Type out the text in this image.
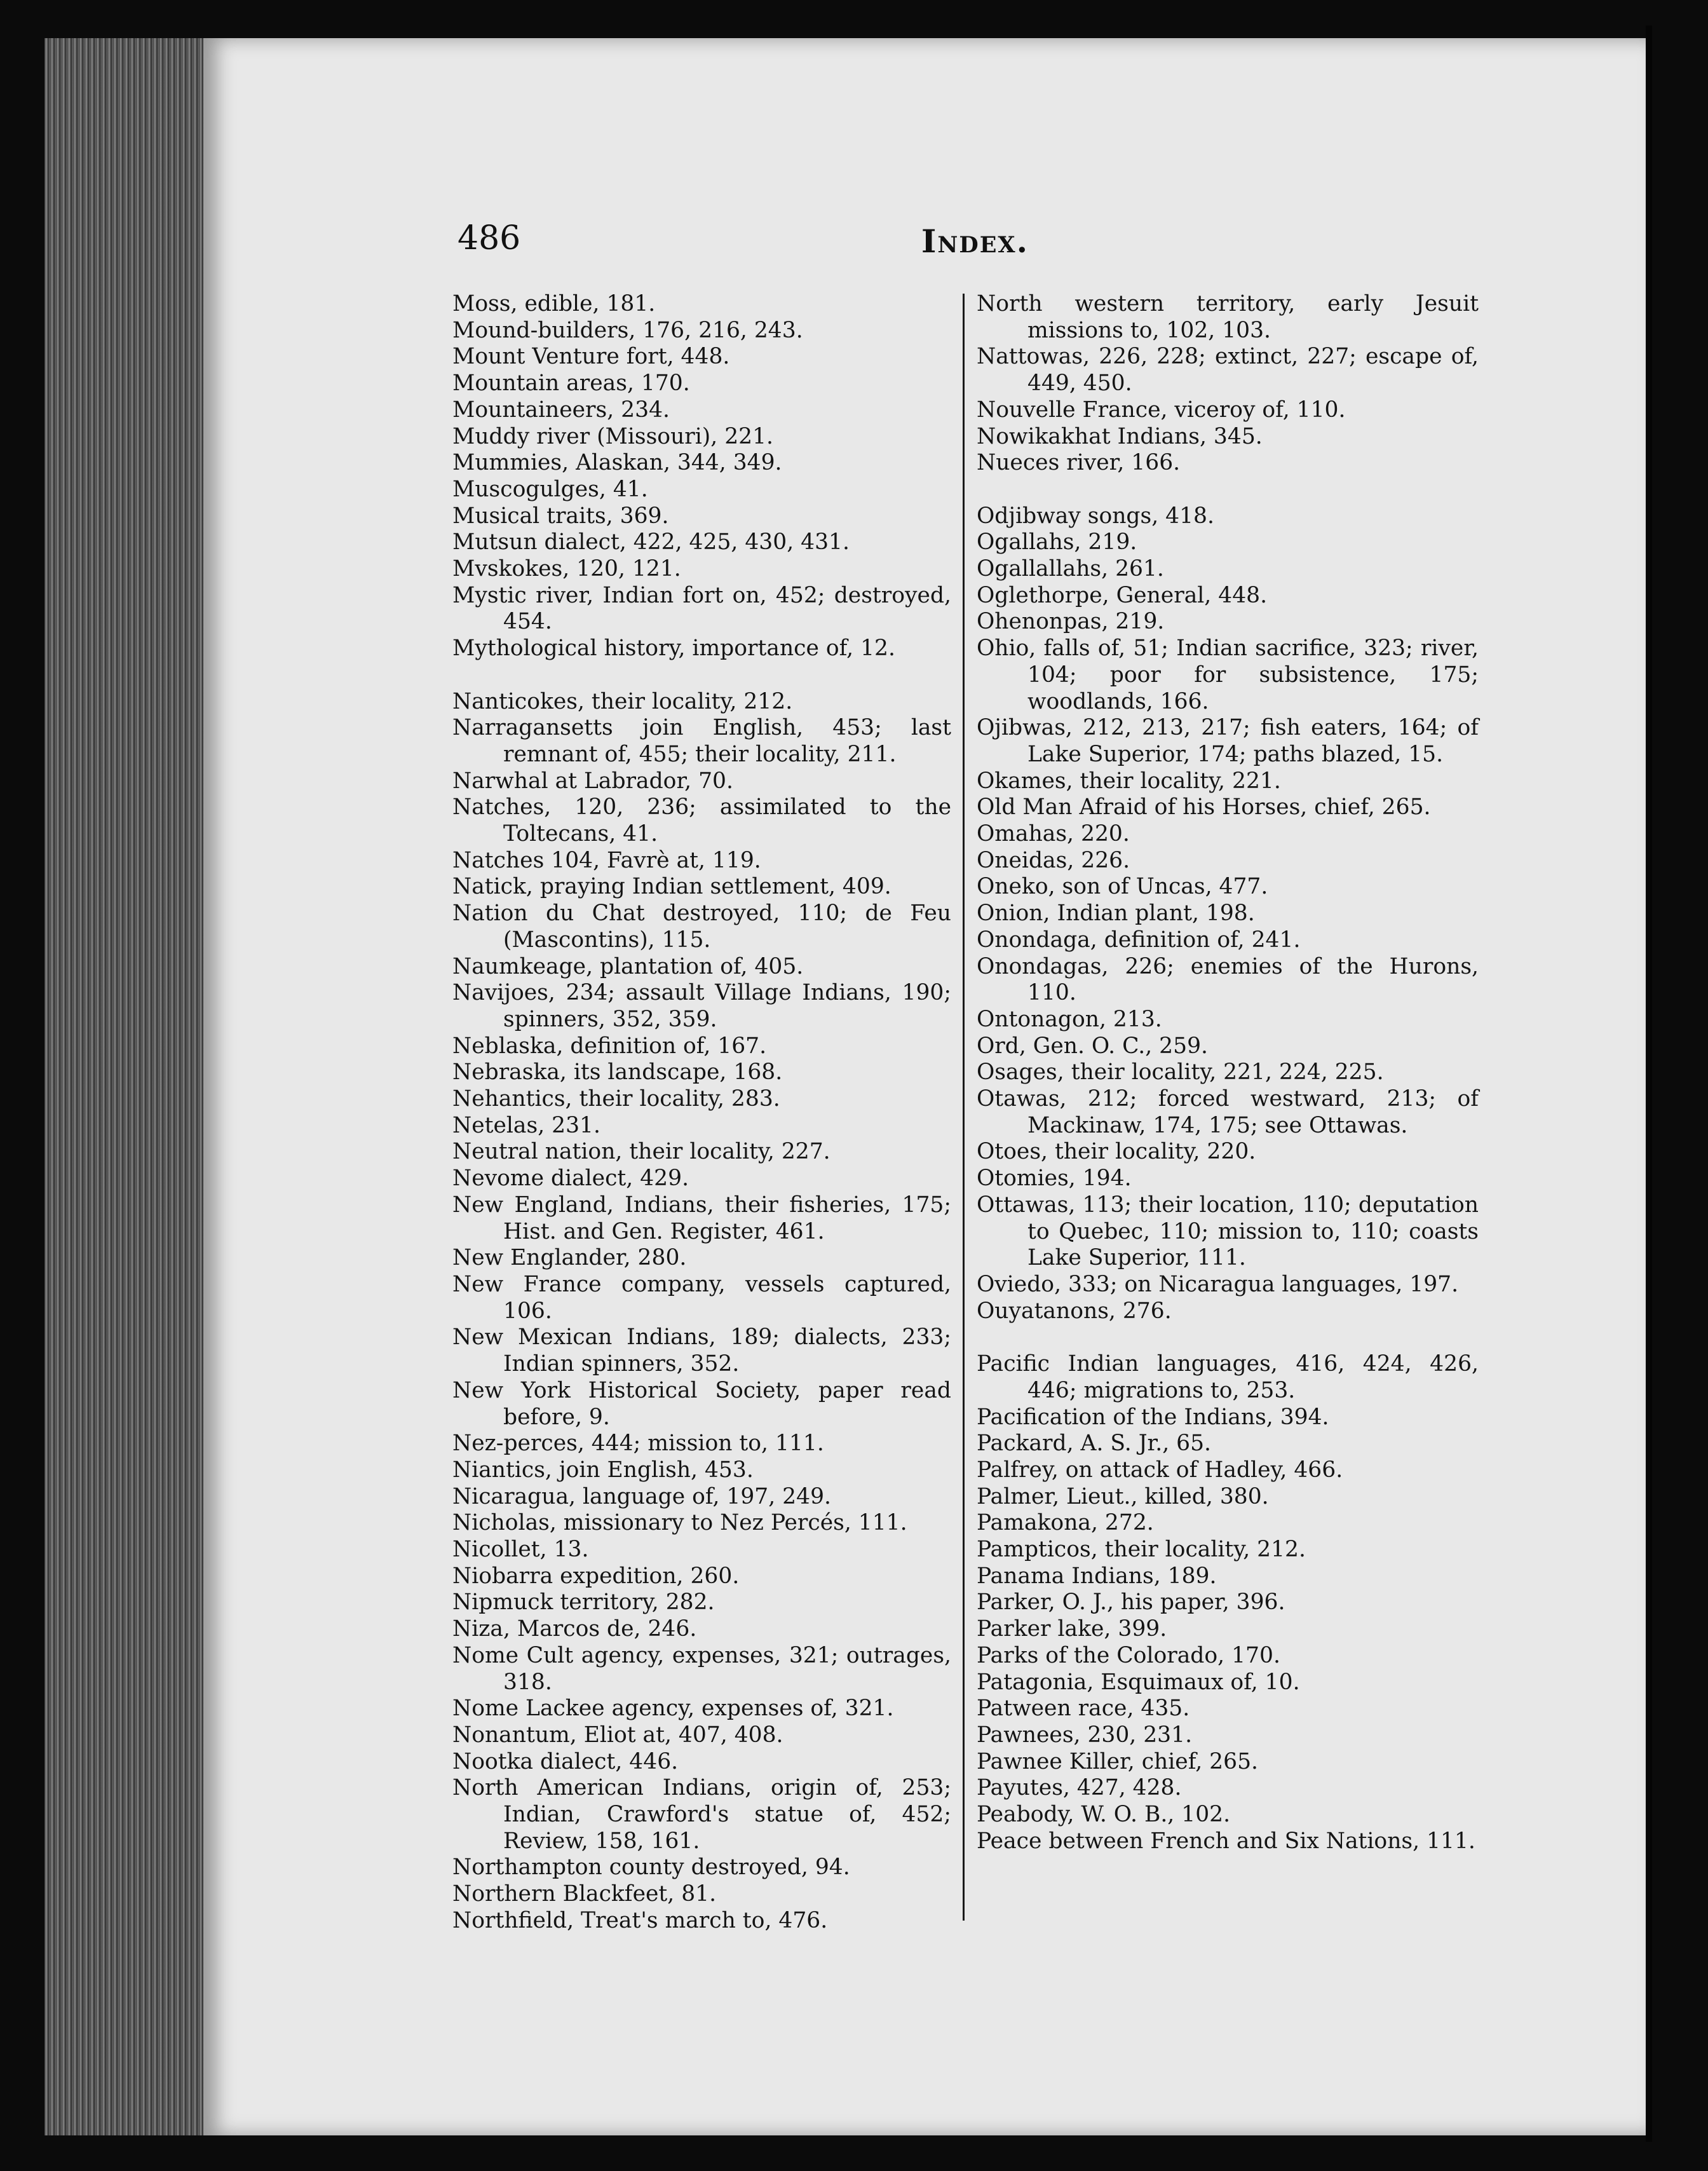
486	Index.

Moss, edible, 181.

Mound-builders, 176, 216, 243.

Mount Venture fort, 448.

Mountain areas, 170.

Mountaineers, 234.

Muddy river (Missouri), 221.

Mummies, Alaskan, 344, 349.

Muscogulges, 41.

Musical traits, 369.

Mutsun dialect, 422, 425, 430, 431.

Mvskokes, 120, 121.

Mystic river, Indian fort on, 452; destroyed, 454.

Mythological history, importance of, 12.

Nanticokes, their locality, 212.

Narragansetts join English, 453; last remnant of, 455; their locality, 211.

Narwhal at Labrador, 70.

Natches, 120, 236; assimilated to the Toltecans, 41.

Natches 104, Favrè at, 119.

Natick, praying Indian settlement, 409.

Nation du Chat destroyed, 110; de Feu (Mascontins), 115.

Naumkeage, plantation of, 405.

Navijoes, 234; assault Village Indians, 190; spinners, 352, 359.

Neblaska, definition of, 167.

Nebraska, its landscape, 168.

Nehantics, their locality, 283.

Netelas, 231.

Neutral nation, their locality, 227.

Nevome dialect, 429.

New England, Indians, their fisheries, 175; Hist. and Gen. Register, 461.

New Englander, 280.

New France company, vessels captured, 106.

New Mexican Indians, 189; dialects, 233; Indian spinners, 352.

New York Historical Society, paper read before, 9.

Nez-perces, 444; mission to, 111.

Niantics, join English, 453.

Nicaragua, language of, 197, 249.

Nicholas, missionary to Nez Percés, 111.

Nicollet, 13.

Niobarra expedition, 260.

Nipmuck territory, 282.

Niza, Marcos de, 246.

Nome Cult agency, expenses, 321; outrages, 318.

Nome Lackee agency, expenses of, 321.

Nonantum, Eliot at, 407, 408.

Nootka dialect, 446.

North American Indians, origin of, 253; Indian, Crawford's statue of, 452; Review, 158, 161.

Northampton county destroyed, 94.

Northern Blackfeet, 81.

Northfield, Treat's march to, 476.

North western territory, early Jesuit missions to, 102, 103.

Nattowas, 226, 228; extinct, 227; escape of, 449, 450.

Nouvelle France, viceroy of, 110.

Nowikakhat Indians, 345.

Nueces river, 166.

Odjibway songs, 418.

Ogallahs, 219.

Ogallallahs, 261.

Oglethorpe, General, 448.

Ohenonpas, 219.

Ohio, falls of, 51; Indian sacrifice, 323; river, 104; poor for subsistence, 175; woodlands, 166.

Ojibwas, 212, 213, 217; fish eaters, 164; of Lake Superior, 174; paths blazed, 15.

Okames, their locality, 221.

Old Man Afraid of his Horses, chief, 265.

Omahas, 220.

Oneidas, 226.

Oneko, son of Uncas, 477.

Onion, Indian plant, 198.

Onondaga, definition of, 241.

Onondagas, 226; enemies of the Hurons, 110.

Ontonagon, 213.

Ord, Gen. O. C., 259.

Osages, their locality, 221, 224, 225.

Otawas, 212; forced westward, 213; of Mackinaw, 174, 175; see Ottawas.

Otoes, their locality, 220.

Otomies, 194.

Ottawas, 113; their location, 110; deputation to Quebec, 110; mission to, 110; coasts Lake Superior, 111.

Oviedo, 333; on Nicaragua languages, 197.

Ouyatanons, 276.

Pacific Indian languages, 416, 424, 426, 446; migrations to, 253.

Pacification of the Indians, 394.

Packard, A. S. Jr., 65.

Palfrey, on attack of Hadley, 466.

Palmer, Lieut., killed, 380.

Pamakona, 272.

Pampticos, their locality, 212.

Panama Indians, 189.

Parker, O. J., his paper, 396.

Parker lake, 399.

Parks of the Colorado, 170.

Patagonia, Esquimaux of, 10.

Patween race, 435.

Pawnees, 230, 231.

Pawnee Killer, chief, 265.

Payutes, 427, 428.

Peabody, W. O. B., 102.

Peace between French and Six Nations, 111.
